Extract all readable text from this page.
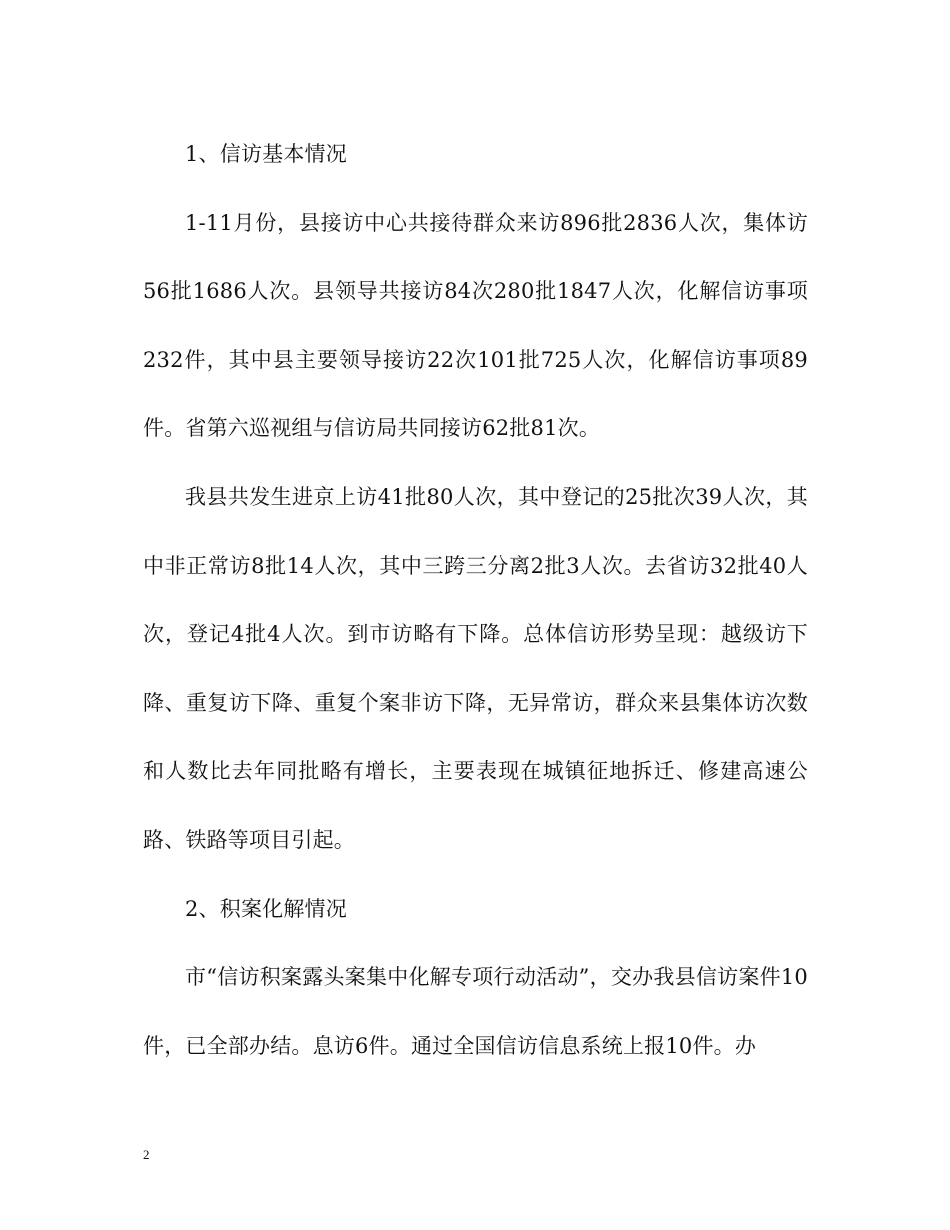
1、信访基本情况

1-11月份，县接访中心共接待群众来访896批2836人次，集体访56批1686人次。县领导共接访84次280批1847人次，化解信访事项232件，其中县主要领导接访22次101批725人次，化解信访事项89件。省第六巡视组与信访局共同接访62批81次。

我县共发生进京上访41批80人次，其中登记的25批次39人次，其中非正常访8批14人次，其中三跨三分离2批3人次。去省访32批40人次，登记4批4人次。到市访略有下降。总体信访形势呈现：越级访下降、重复访下降、重复个案非访下降，无异常访，群众来县集体访次数和人数比去年同批略有增长，主要表现在城镇征地拆迁、修建高速公路、铁路等项目引起。

2、积案化解情况

市“信访积案露头案集中化解专项行动活动”，交办我县信访案件10件，已全部办结。息访6件。通过全国信访信息系统上报10件。办

2
